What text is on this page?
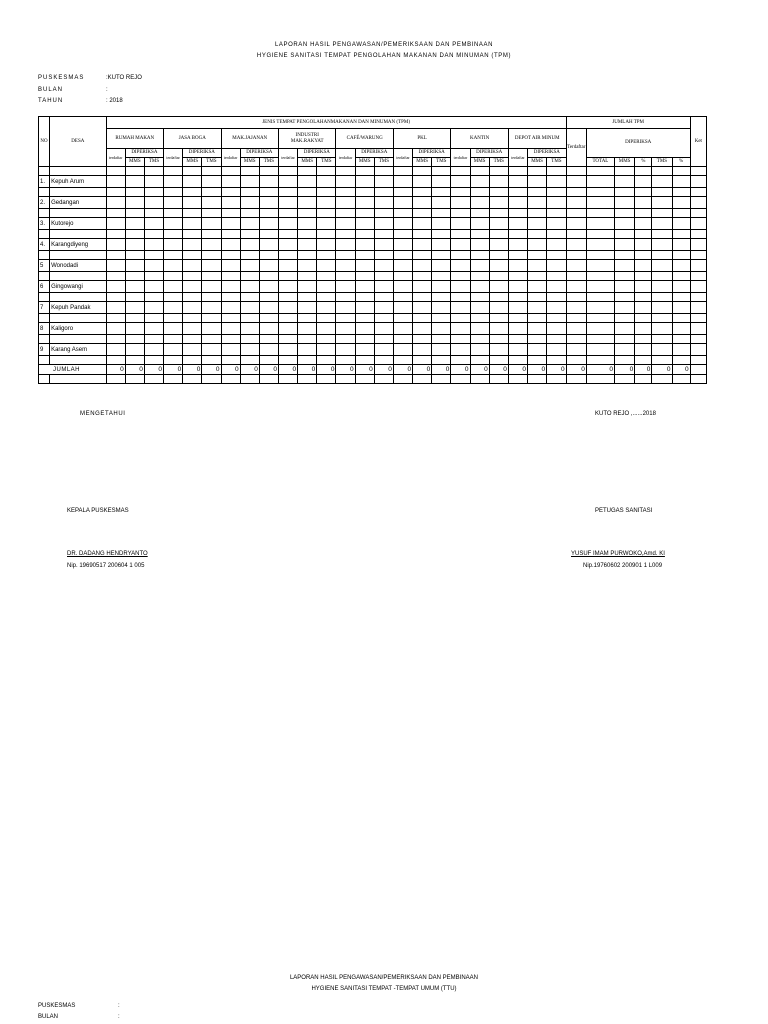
LAPORAN HASIL PENGAWASAN/PEMERIKSAAN DAN PEMBINAAN
HYGIENE SANITASI TEMPAT PENGOLAHAN MAKANAN DAN MINUMAN (TPM)
PUSKESMAS	:KUTO REJO
BULAN	:
TAHUN	: 2018
NO	DESA	JENIS TEMPAT PENGOLAHANMAKANAN DAN MINUMAN (TPM)																								JUMLAH TPM						Ket
		RUMAH MAKAN			JASA BOGA			MAK.JAJANAN			INDUSTRI MAK.RAKYAT			CAFÉ/WARUNG			PKL			KANTIN			DEPOT AIR MINUM			Terdaftar	DIPERIKSA					
		terdaftar	DIPERIKSA		terdaftar	DIPERIKSA		terdaftar	DIPERIKSA		terdaftar	DIPERIKSA		terdaftar	DIPERIKSA		terdaftar	DIPERIKSA		terdaftar	DIPERIKSA		terdaftar	DIPERIKSA								
			MMS	TMS		MMS	TMS		MMS	TMS		MMS	TMS		MMS	TMS		MMS	TMS		MMS	TMS		MMS	TMS		TOTAL	MMS	%	TMS	%	

1.	Kepuh Arum																															

2.	Gedangan																															

3.	Kutorejo																															

4.	Karangdiyeng																															

5	Wonodadi																															

6	Gingowangi																															

7	Kepuh Pandak																															

8	Kaligoro																															

9	Karang Asem																															

JUMLAH		0	0	0	0	0	0	0	0	0	0	0	0	0	0	0	0	0	0	0	0	0	0	0	0	0	0	0	0	0	0	

MENGETAHUI	KUTO REJO ,......2018
KEPALA PUSKESMAS	PETUGAS SANITASI
DR. DADANG HENDRYANTO
Nip. 19690517 200604 1 005
YUSUF IMAM PURWOKO,Amd. KI
Nip.19760602 200901 1 L009
LAPORAN HASIL PENGAWASAN/PEMERIKSAAN DAN PEMBINAAN
HYGIENE SANITASI TEMPAT -TEMPAT UMUM (TTU)
PUSKESMAS	:
BULAN	:
